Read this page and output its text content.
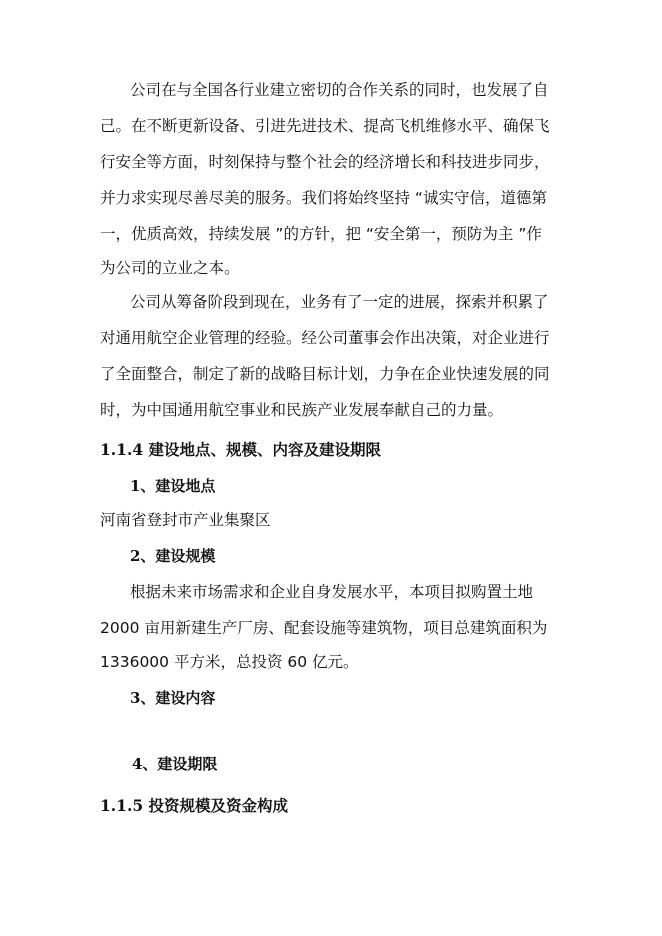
公司在与全国各行业建立密切的合作关系的同时，也发展了自
己。在不断更新设备、引进先进技术、提高飞机维修水平、确保飞
行安全等方面，时刻保持与整个社会的经济增长和科技进步同步，
并力求实现尽善尽美的服务。我们将始终坚持 “诚实守信，道德第
一，优质高效，持续发展 ”的方针，把 “安全第一，预防为主 ”作
为公司的立业之本。
公司从筹备阶段到现在，业务有了一定的进展，探索并积累了
对通用航空企业管理的经验。经公司董事会作出决策，对企业进行
了全面整合，制定了新的战略目标计划，力争在企业快速发展的同
时，为中国通用航空事业和民族产业发展奉献自己的力量。
1.1.4 建设地点、规模、内容及建设期限
1、建设地点
河南省登封市产业集聚区
2、建设规模
根据未来市场需求和企业自身发展水平，本项目拟购置土地
2000 亩用新建生产厂房、配套设施等建筑物，项目总建筑面积为
1336000 平方米，总投资 60 亿元。
3、建设内容
4、建设期限
1.1.5 投资规模及资金构成
